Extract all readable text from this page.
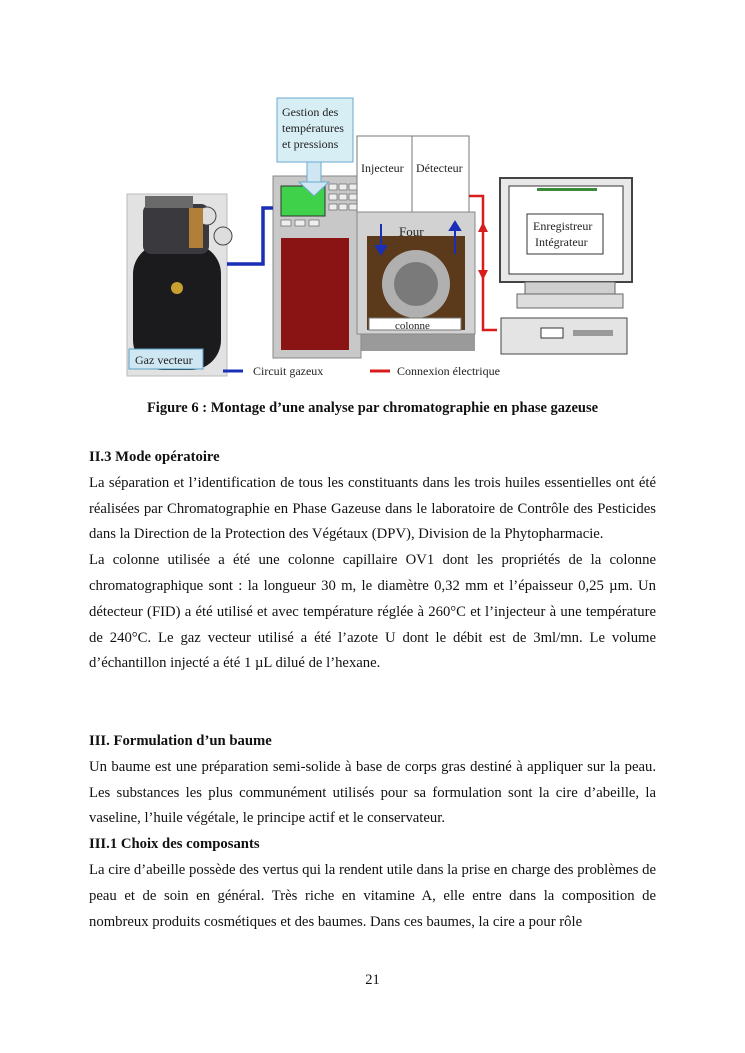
Gaz vecteur
Injecteur Détecteur
colonne
Four
Gestion des températures et pressions
Enregistreur Intégrateur
Circuit gazeux	Connexion électrique
Figure 6 : Montage d’une analyse par chromatographie en phase gazeuse
II.3 Mode opératoire
La séparation et l’identification de tous les constituants dans les trois huiles essentielles ont été réalisées par Chromatographie en Phase Gazeuse dans le laboratoire de Contrôle des Pesticides dans la Direction de la Protection des Végétaux (DPV), Division de la Phytopharmacie.
La colonne utilisée a été une colonne capillaire OV1 dont les propriétés de la colonne chromatographique sont : la longueur 30 m, le diamètre 0,32 mm et l’épaisseur 0,25 µm. Un détecteur (FID) a été utilisé et avec température réglée à 260°C et l’injecteur à une température de 240°C. Le gaz vecteur utilisé a été l’azote U dont le débit est de 3ml/mn. Le volume d’échantillon injecté a été 1 µL dilué de l’hexane.
III. Formulation d’un baume
Un baume est une préparation semi-solide à base de corps gras destiné à appliquer sur la peau. Les substances les plus communément utilisés pour sa formulation sont la cire d’abeille, la vaseline, l’huile végétale, le principe actif et le conservateur.
III.1 Choix des composants
La cire d’abeille possède des vertus qui la rendent utile dans la prise en charge des problèmes de peau et de soin en général. Très riche en vitamine A, elle entre dans la composition de nombreux produits cosmétiques et des baumes. Dans ces baumes, la cire a pour rôle
21
